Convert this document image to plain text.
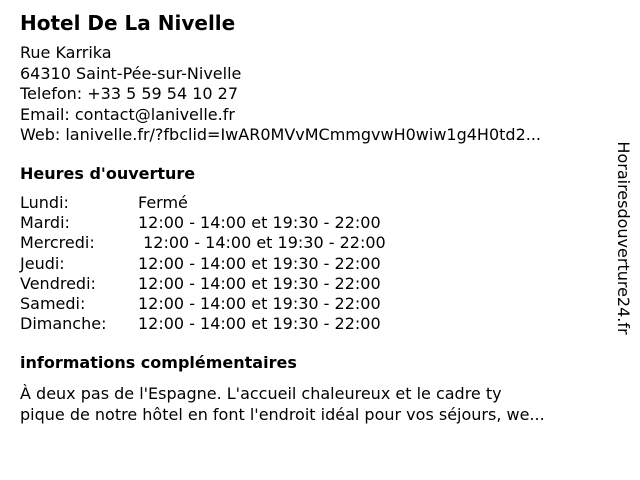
Hotel De La Nivelle
Rue Karrika
64310 Saint-Pée-sur-Nivelle
Telefon: +33 5 59 54 10 27
Email: contact@lanivelle.fr
Web: lanivelle.fr/?fbclid=IwAR0MVvMCmmgvwH0wiw1g4H0td2...
Heures d'ouverture
Lundi:	Fermé
Mardi:	12:00 - 14:00 et 19:30 - 22:00
Mercredi:	12:00 - 14:00 et 19:30 - 22:00
Jeudi:	12:00 - 14:00 et 19:30 - 22:00
Vendredi:	12:00 - 14:00 et 19:30 - 22:00
Samedi:	12:00 - 14:00 et 19:30 - 22:00
Dimanche:	12:00 - 14:00 et 19:30 - 22:00
informations complémentaires
À deux pas de l'Espagne. L'accueil chaleureux et le cadre ty
pique de notre hôtel en font l'endroit idéal pour vos séjours, we...
Horairesdouverture24.fr
